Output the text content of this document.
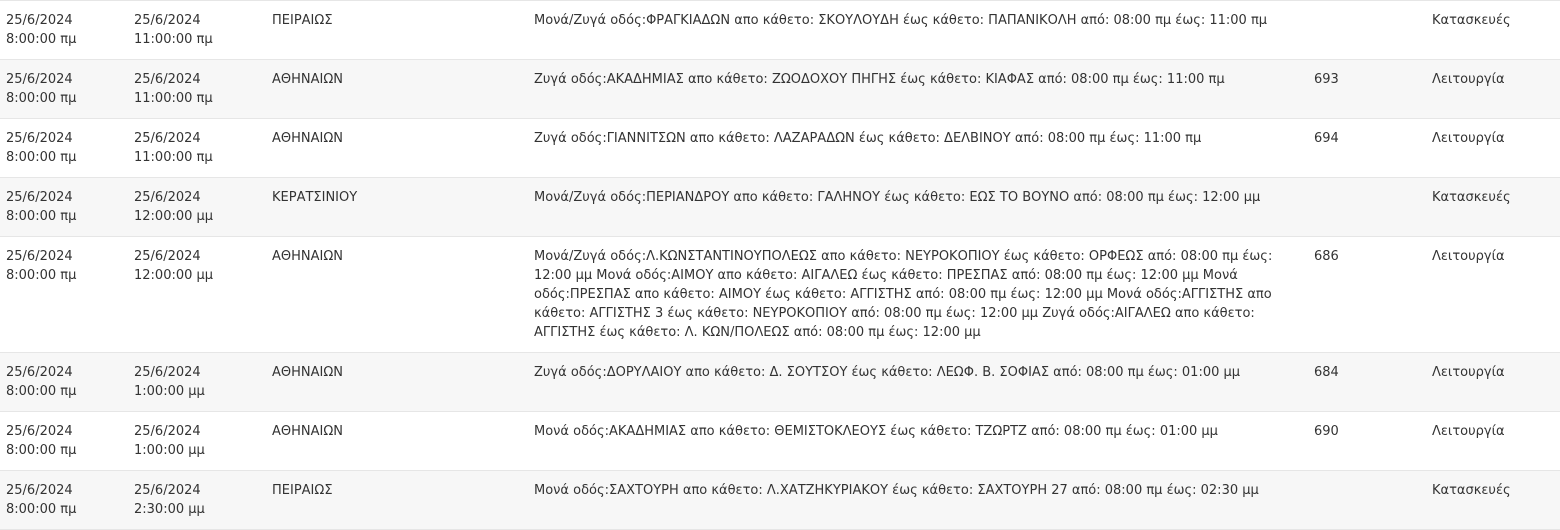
25/6/2024
8:00:00 πμ	25/6/2024
11:00:00 πμ	ΠΕΙΡΑΙΩΣ	Μονά/Ζυγά οδός:ΦΡΑΓΚΙΑΔΩΝ απο κάθετo: ΣΚΟΥΛΟΥΔΗ έως κάθετο: ΠΑΠΑΝΙΚΟΛΗ από: 08:00 πμ έως: 11:00 πμ		Κατασκευές

25/6/2024
8:00:00 πμ	25/6/2024
11:00:00 πμ	ΑΘΗΝΑΙΩΝ	Ζυγά οδός:ΑΚΑΔΗΜΙΑΣ απο κάθετo: ΖΩΟΔΟΧΟΥ ΠΗΓΗΣ έως κάθετο: ΚΙΑΦΑΣ από: 08:00 πμ έως: 11:00 πμ	693	Λειτουργία

25/6/2024
8:00:00 πμ	25/6/2024
11:00:00 πμ	ΑΘΗΝΑΙΩΝ	Ζυγά οδός:ΓΙΑΝΝΙΤΣΩΝ απο κάθετo: ΛΑΖΑΡΑΔΩΝ έως κάθετο: ΔΕΛΒΙΝΟΥ από: 08:00 πμ έως: 11:00 πμ	694	Λειτουργία

25/6/2024
8:00:00 πμ	25/6/2024
12:00:00 μμ	ΚΕΡΑΤΣΙΝΙΟΥ	Μονά/Ζυγά οδός:ΠΕΡΙΑΝΔΡΟΥ απο κάθετo: ΓΑΛΗΝΟΥ έως κάθετο: ΕΩΣ ΤΟ ΒΟΥΝΟ από: 08:00 πμ έως: 12:00 μμ		Κατασκευές

25/6/2024
8:00:00 πμ	25/6/2024
12:00:00 μμ	ΑΘΗΝΑΙΩΝ	Μονά/Ζυγά οδός:Λ.ΚΩΝΣΤΑΝΤΙΝΟΥΠΟΛΕΩΣ απο κάθετo: ΝΕΥΡΟΚΟΠΙΟΥ έως κάθετο: ΟΡΦΕΩΣ από: 08:00 πμ έως: 12:00 μμ Μονά οδός:ΑΙΜΟΥ απο κάθετo: ΑΙΓΑΛΕΩ έως κάθετο: ΠΡΕΣΠΑΣ από: 08:00 πμ έως: 12:00 μμ Μονά οδός:ΠΡΕΣΠΑΣ απο κάθετo: ΑΙΜΟΥ έως κάθετο: ΑΓΓΙΣΤΗΣ από: 08:00 πμ έως: 12:00 μμ Μονά οδός:ΑΓΓΙΣΤΗΣ απο κάθετo: ΑΓΓΙΣΤΗΣ 3 έως κάθετο: ΝΕΥΡΟΚΟΠΙΟΥ από: 08:00 πμ έως: 12:00 μμ Ζυγά οδός:ΑΙΓΑΛΕΩ απο κάθετo: ΑΓΓΙΣΤΗΣ έως κάθετο: Λ. ΚΩΝ/ΠΟΛΕΩΣ από: 08:00 πμ έως: 12:00 μμ	686	Λειτουργία

25/6/2024
8:00:00 πμ	25/6/2024
1:00:00 μμ	ΑΘΗΝΑΙΩΝ	Ζυγά οδός:ΔΟΡΥΛΑΙΟΥ απο κάθετo: Δ. ΣΟΥΤΣΟΥ έως κάθετο: ΛΕΩΦ. Β. ΣΟΦΙΑΣ από: 08:00 πμ έως: 01:00 μμ	684	Λειτουργία

25/6/2024
8:00:00 πμ	25/6/2024
1:00:00 μμ	ΑΘΗΝΑΙΩΝ	Μονά οδός:ΑΚΑΔΗΜΙΑΣ απο κάθετo: ΘΕΜΙΣΤΟΚΛΕΟΥΣ έως κάθετο: ΤΖΩΡΤΖ από: 08:00 πμ έως: 01:00 μμ	690	Λειτουργία

25/6/2024
8:00:00 πμ	25/6/2024
2:30:00 μμ	ΠΕΙΡΑΙΩΣ	Μονά οδός:ΣΑΧΤΟΥΡΗ απο κάθετo: Λ.ΧΑΤΖΗΚΥΡΙΑΚΟΥ έως κάθετο: ΣΑΧΤΟΥΡΗ 27 από: 08:00 πμ έως: 02:30 μμ		Κατασκευές
